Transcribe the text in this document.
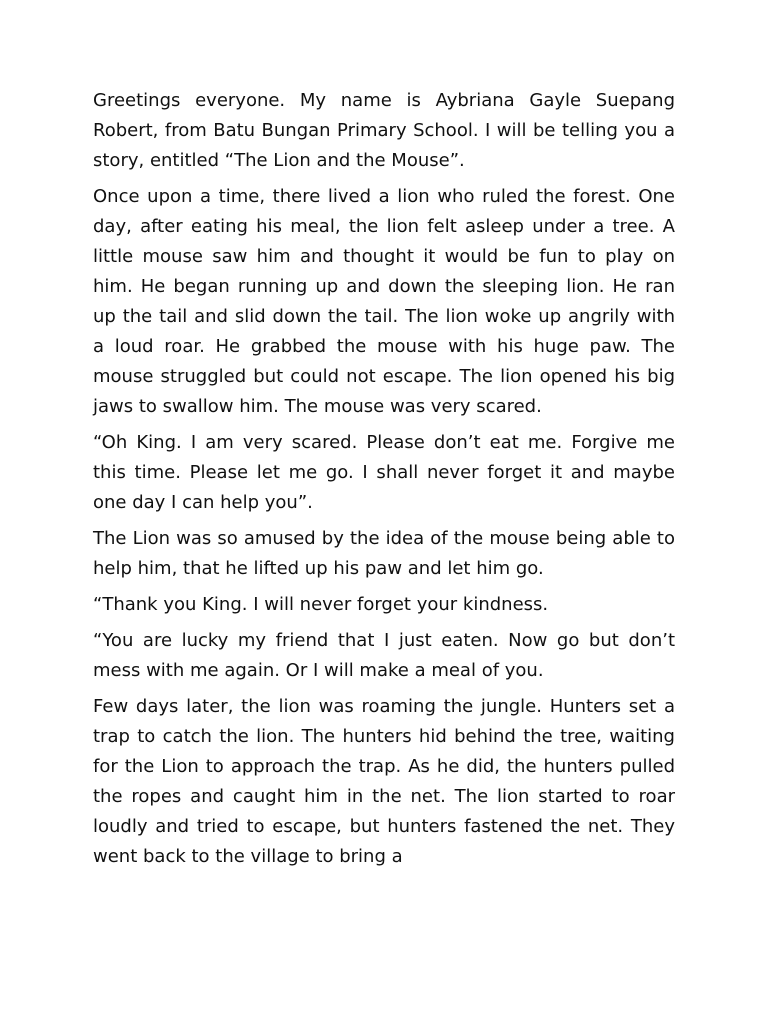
Greetings everyone. My name is Aybriana Gayle Suepang Robert, from Batu Bungan Primary School. I will be telling you a story, entitled “The Lion and the Mouse”.

Once upon a time, there lived a lion who ruled the forest. One day, after eating his meal, the lion felt asleep under a tree. A little mouse saw him and thought it would be fun to play on him. He began running up and down the sleeping lion. He ran up the tail and slid down the tail. The lion woke up angrily with a loud roar. He grabbed the mouse with his huge paw. The mouse struggled but could not escape. The lion opened his big jaws to swallow him. The mouse was very scared.

“Oh King. I am very scared. Please don’t eat me. Forgive me this time. Please let me go. I shall never forget it and maybe one day I can help you”.

The Lion was so amused by the idea of the mouse being able to help him, that he lifted up his paw and let him go.

“Thank you King. I will never forget your kindness.

“You are lucky my friend that I just eaten. Now go but don’t mess with me again. Or I will make a meal of you.

Few days later, the lion was roaming the jungle. Hunters set a trap to catch the lion. The hunters hid behind the tree, waiting for the Lion to approach the trap. As he did, the hunters pulled the ropes and caught him in the net. The lion started to roar loudly and tried to escape, but hunters fastened the net. They went back to the village to bring a
